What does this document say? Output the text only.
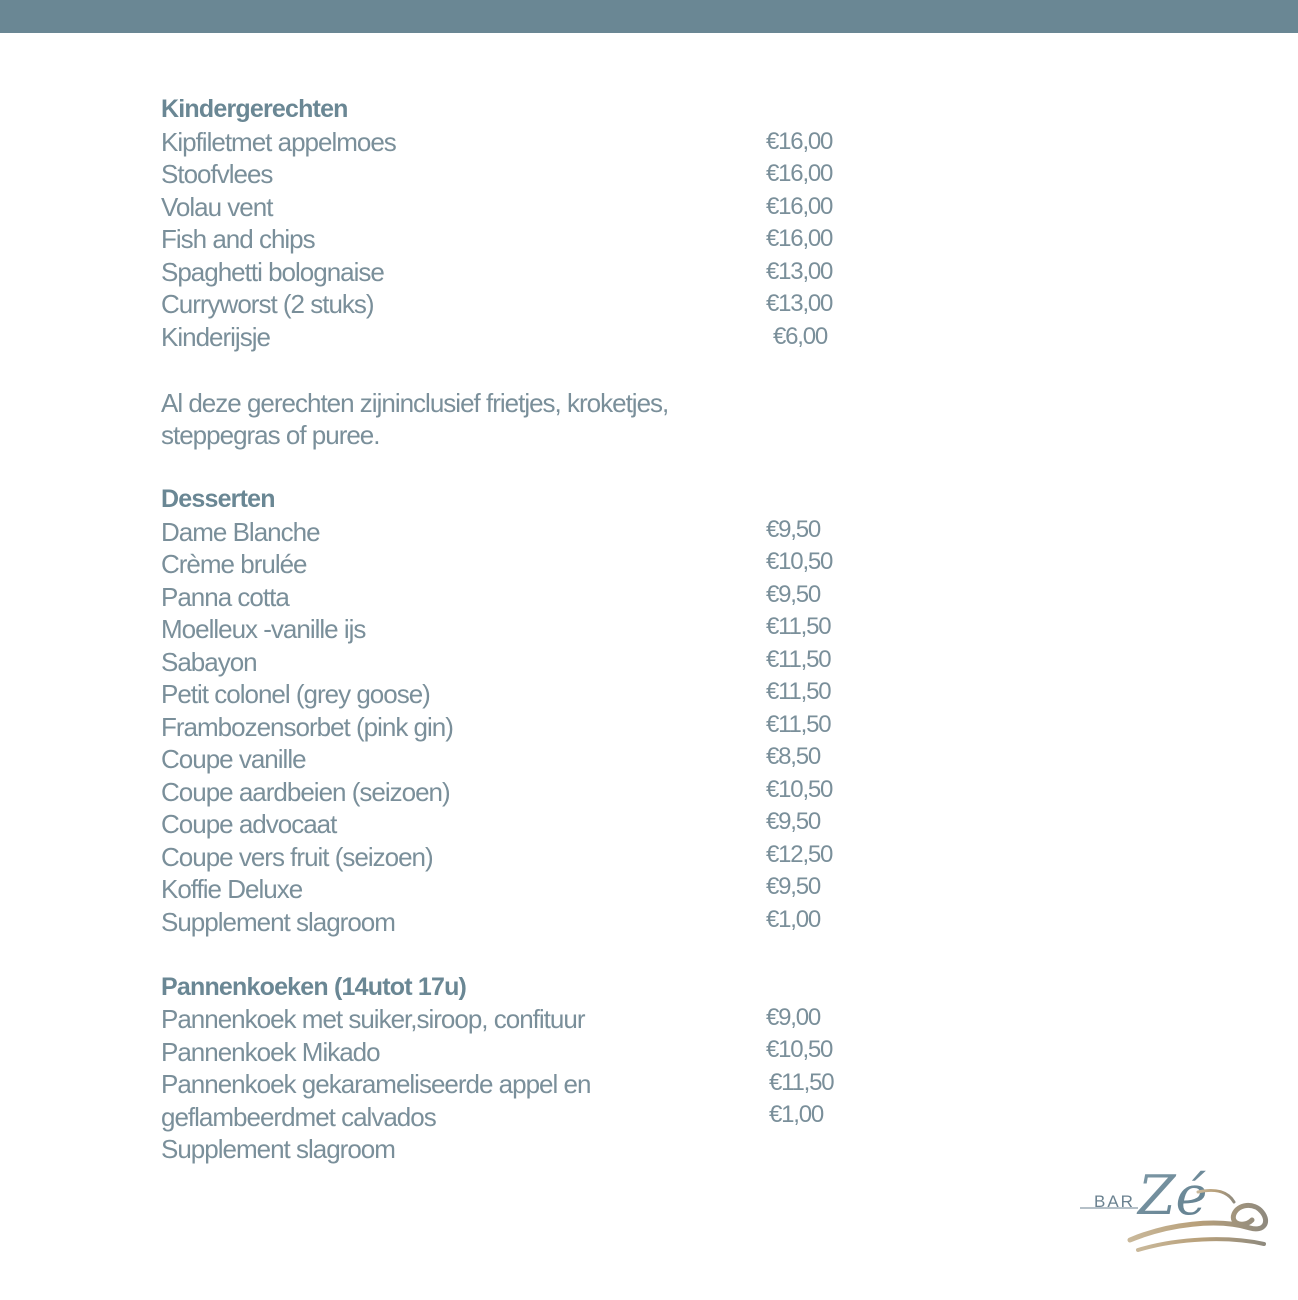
Kindergerechten
Kipfiletmet appelmoes
Stoofvlees
Volau vent
Fish and chips
Spaghetti bolognaise
Curryworst (2 stuks)
Kinderijsje
Al deze gerechten zijninclusief frietjes, kroketjes,
steppegras of puree.
Desserten
Dame Blanche
Crème brulée
Panna cotta
Moelleux -vanille ijs
Sabayon
Petit colonel (grey goose)
Frambozensorbet (pink gin)
Coupe vanille
Coupe aardbeien (seizoen)
Coupe advocaat
Coupe vers fruit (seizoen)
Koffie Deluxe
Supplement slagroom
Pannenkoeken (14utot 17u)
Pannenkoek met suiker,siroop, confituur
Pannenkoek Mikado
Pannenkoek gekarameliseerde appel en
geflambeerdmet calvados
Supplement slagroom
€16,00
€16,00
€16,00
€16,00
€13,00
€13,00
€6,00
€9,50
€10,50
€9,50
€11,50
€11,50
€11,50
€11,50
€8,50
€10,50
€9,50
€12,50
€9,50
€1,00
€9,00
€10,50
€11,50
€1,00
BAR Zé
